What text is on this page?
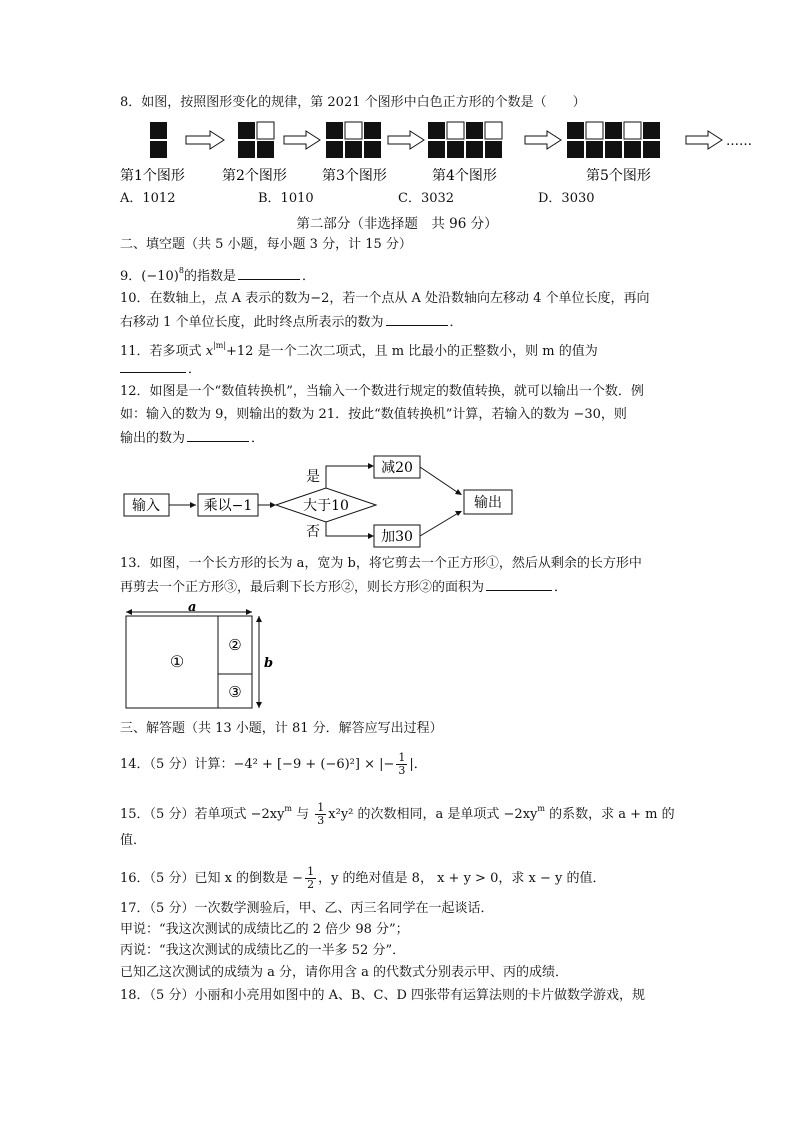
8．如图，按照图形变化的规律，第 2021 个图形中白色正方形的个数是（　　）
……
第1个图形	第2个图形	第3个图形	第4个图形	第5个图形
A．1012	B．1010	C．3032	D．3030
第二部分（非选择题　共 96 分）
二、填空题（共 5 小题，每小题 3 分，计 15 分）
9．$(-10)^8$的指数是	．
10．在数轴上，点 A 表示的数为−2，若一个点从 A 处沿数轴向左移动 4 个单位长度，再向
右移动 1 个单位长度，此时终点所表示的数为	．
11．若多项式 $x^{|m|}+12$ 是一个二次二项式，且 m 比最小的正整数小，则 m 的值为
．
12．如图是一个“数值转换机”，当输入一个数进行规定的数值转换，就可以输出一个数．例
如：输入的数为 9，则输出的数为 21．按此“数值转换机”计算，若输入的数为 −30，则
输出的数为	．
输入	乘以−1	大于10
是
减20
否	加30
输出
13．如图，一个长方形的长为 a，宽为 b，将它剪去一个正方形①，然后从剩余的长方形中
再剪去一个正方形③，最后剩下长方形②，则长方形②的面积为	．
a
①
②
③
b
三、解答题（共 13 小题，计 81 分．解答应写出过程）
14．（5 分）计算：−4² + [−9 + (−6)²] × |− $\frac{1}{3}$ |．
15．（5 分）若单项式 $-2xy^m$ 与 $\frac{1}{3} x^2y^2$ 的次数相同，a 是单项式 $-2xy^m$ 的系数，求 a + m 的
值．
16．（5 分）已知 x 的倒数是 − $\frac{1}{2}$ ，y 的绝对值是 8， x + y > 0，求 x − y 的值．
17．（5 分）一次数学测验后，甲、乙、丙三名同学在一起谈话．
甲说：“我这次测试的成绩比乙的 2 倍少 98 分”；
丙说：“我这次测试的成绩比乙的一半多 52 分”．
已知乙这次测试的成绩为 a 分，请你用含 a 的代数式分别表示甲、丙的成绩．
18．（5 分）小丽和小亮用如图中的 A、B、C、D 四张带有运算法则的卡片做数学游戏，规
